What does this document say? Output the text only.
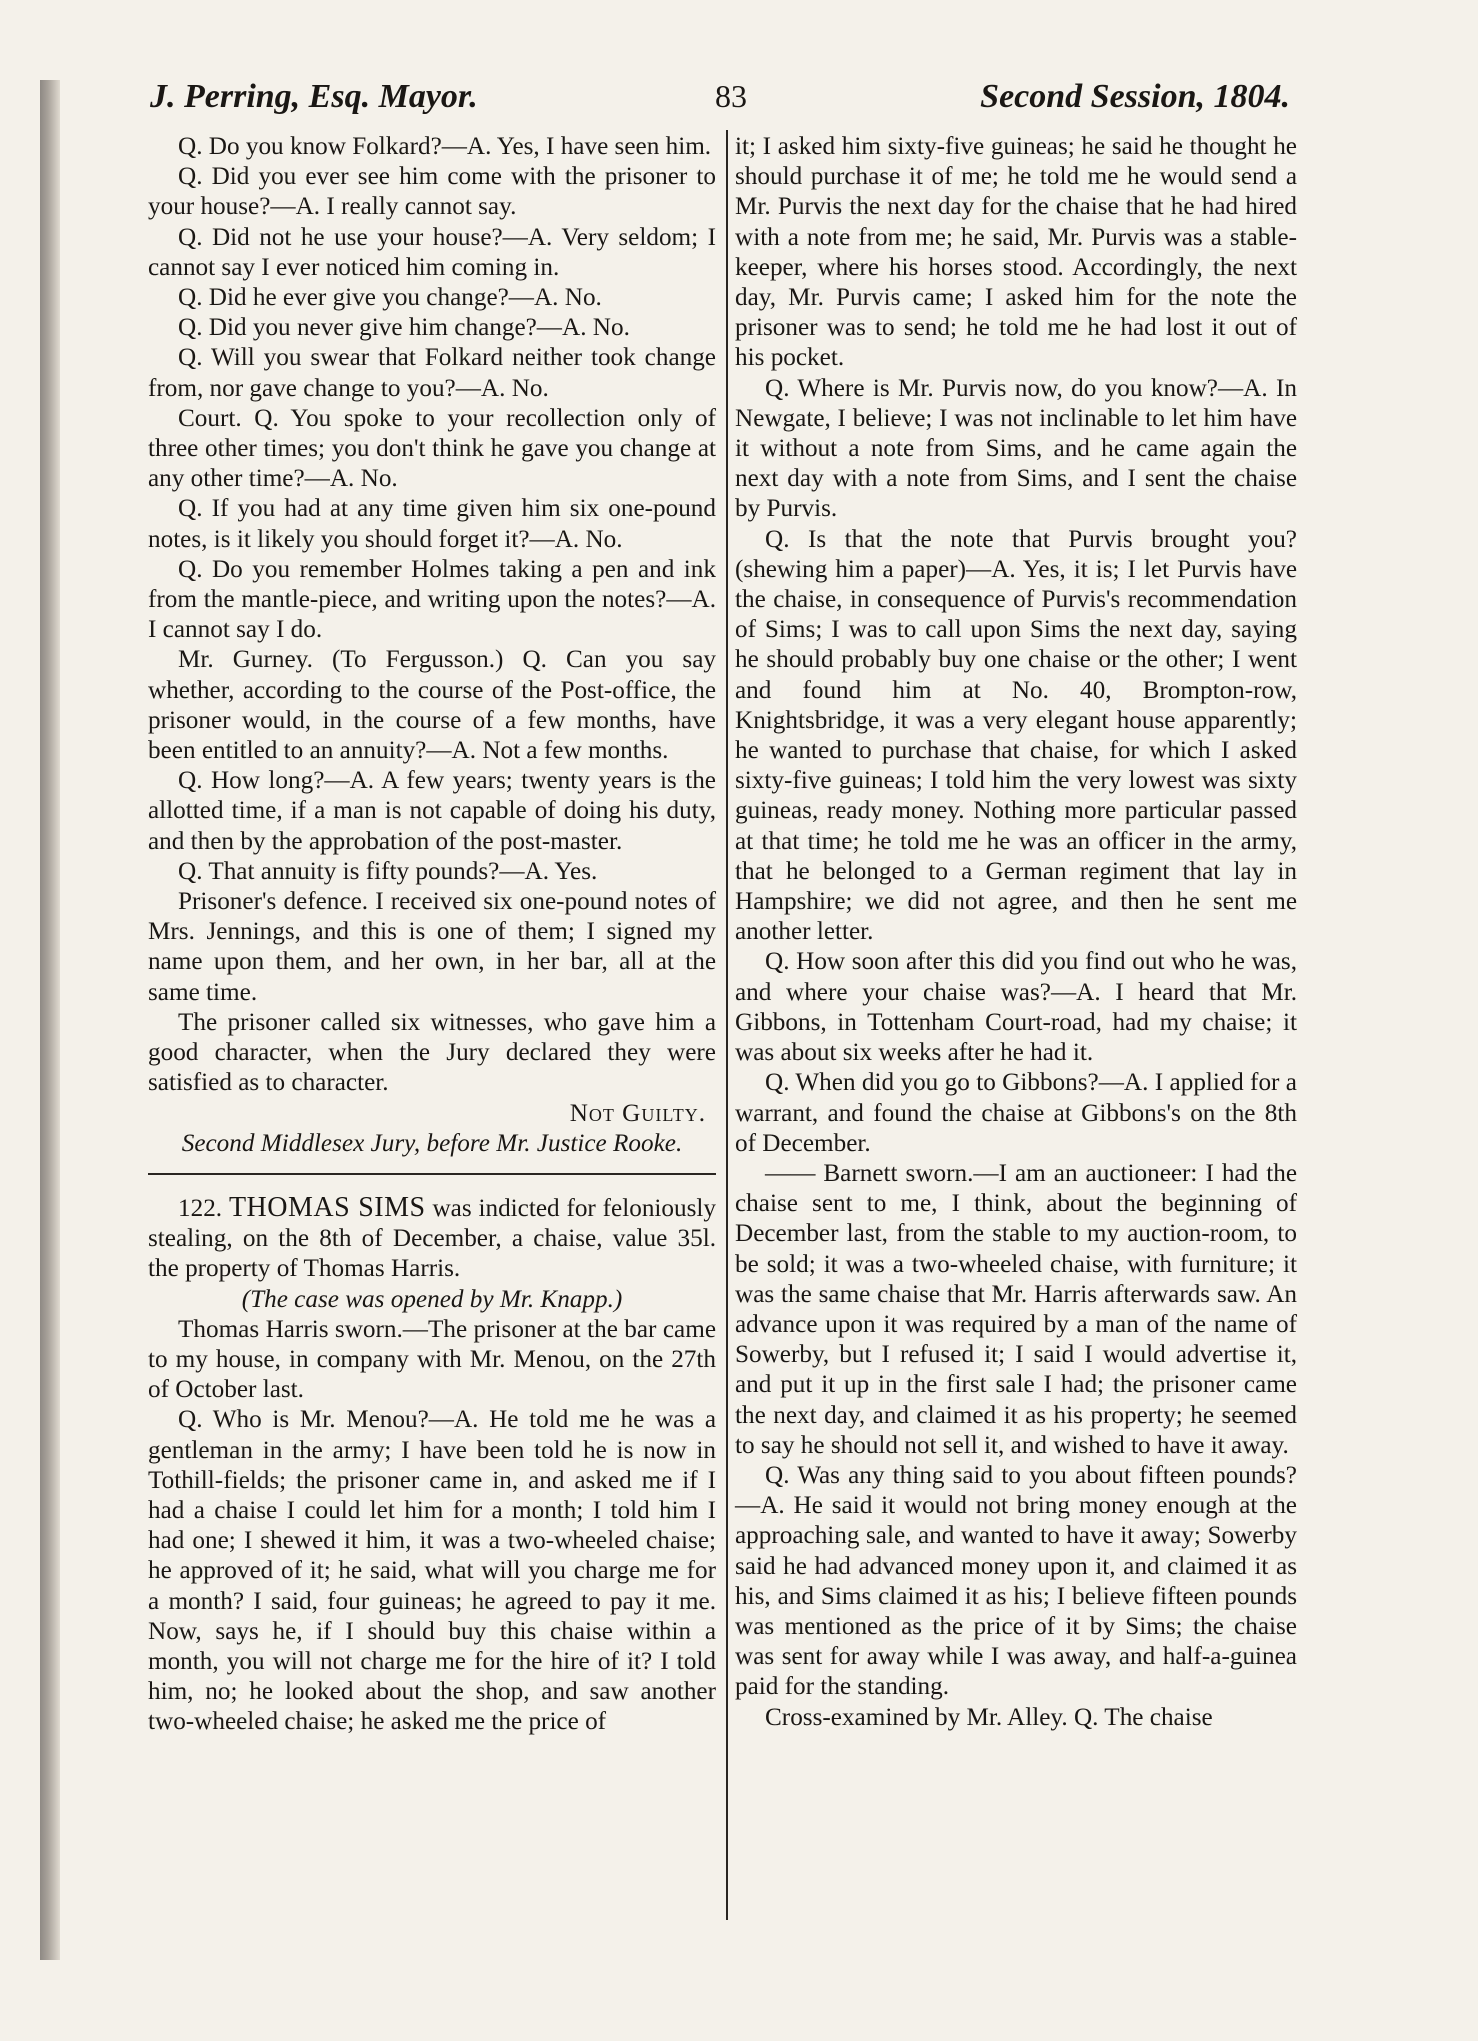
J. Perring, Esq. Mayor.	83	Second Session, 1804.

Q. Do you know Folkard?—A. Yes, I have seen him.

Q. Did you ever see him come with the prisoner to your house?—A. I really cannot say.

Q. Did not he use your house?—A. Very seldom; I cannot say I ever noticed him coming in.

Q. Did he ever give you change?—A. No.

Q. Did you never give him change?—A. No.

Q. Will you swear that Folkard neither took change from, nor gave change to you?—A. No.

Court. Q. You spoke to your recollection only of three other times; you don't think he gave you change at any other time?—A. No.

Q. If you had at any time given him six one-pound notes, is it likely you should forget it?—A. No.

Q. Do you remember Holmes taking a pen and ink from the mantle-piece, and writing upon the notes?—A. I cannot say I do.

Mr. Gurney. (To Fergusson.) Q. Can you say whether, according to the course of the Post-office, the prisoner would, in the course of a few months, have been entitled to an annuity?—A. Not a few months.

Q. How long?—A. A few years; twenty years is the allotted time, if a man is not capable of doing his duty, and then by the approbation of the post-master.

Q. That annuity is fifty pounds?—A. Yes.

Prisoner's defence. I received six one-pound notes of Mrs. Jennings, and this is one of them; I signed my name upon them, and her own, in her bar, all at the same time.

The prisoner called six witnesses, who gave him a good character, when the Jury declared they were satisfied as to character.

Not Guilty.

Second Middlesex Jury, before Mr. Justice Rooke.

122. THOMAS SIMS was indicted for feloniously stealing, on the 8th of December, a chaise, value 35l. the property of Thomas Harris.

(The case was opened by Mr. Knapp.)

Thomas Harris sworn.—The prisoner at the bar came to my house, in company with Mr. Menou, on the 27th of October last.

Q. Who is Mr. Menou?—A. He told me he was a gentleman in the army; I have been told he is now in Tothill-fields; the prisoner came in, and asked me if I had a chaise I could let him for a month; I told him I had one; I shewed it him, it was a two-wheeled chaise; he approved of it; he said, what will you charge me for a month? I said, four guineas; he agreed to pay it me. Now, says he, if I should buy this chaise within a month, you will not charge me for the hire of it? I told him, no; he looked about the shop, and saw another two-wheeled chaise; he asked me the price of

it; I asked him sixty-five guineas; he said he thought he should purchase it of me; he told me he would send a Mr. Purvis the next day for the chaise that he had hired with a note from me; he said, Mr. Purvis was a stable-keeper, where his horses stood. Accordingly, the next day, Mr. Purvis came; I asked him for the note the prisoner was to send; he told me he had lost it out of his pocket.

Q. Where is Mr. Purvis now, do you know?—A. In Newgate, I believe; I was not inclinable to let him have it without a note from Sims, and he came again the next day with a note from Sims, and I sent the chaise by Purvis.

Q. Is that the note that Purvis brought you? (shewing him a paper)—A. Yes, it is; I let Purvis have the chaise, in consequence of Purvis's recommendation of Sims; I was to call upon Sims the next day, saying he should probably buy one chaise or the other; I went and found him at No. 40, Brompton-row, Knightsbridge, it was a very elegant house apparently; he wanted to purchase that chaise, for which I asked sixty-five guineas; I told him the very lowest was sixty guineas, ready money. Nothing more particular passed at that time; he told me he was an officer in the army, that he belonged to a German regiment that lay in Hampshire; we did not agree, and then he sent me another letter.

Q. How soon after this did you find out who he was, and where your chaise was?—A. I heard that Mr. Gibbons, in Tottenham Court-road, had my chaise; it was about six weeks after he had it.

Q. When did you go to Gibbons?—A. I applied for a warrant, and found the chaise at Gibbons's on the 8th of December.

—— Barnett sworn.—I am an auctioneer: I had the chaise sent to me, I think, about the beginning of December last, from the stable to my auction-room, to be sold; it was a two-wheeled chaise, with furniture; it was the same chaise that Mr. Harris afterwards saw. An advance upon it was required by a man of the name of Sowerby, but I refused it; I said I would advertise it, and put it up in the first sale I had; the prisoner came the next day, and claimed it as his property; he seemed to say he should not sell it, and wished to have it away.

Q. Was any thing said to you about fifteen pounds?—A. He said it would not bring money enough at the approaching sale, and wanted to have it away; Sowerby said he had advanced money upon it, and claimed it as his, and Sims claimed it as his; I believe fifteen pounds was mentioned as the price of it by Sims; the chaise was sent for away while I was away, and half-a-guinea paid for the standing.

Cross-examined by Mr. Alley. Q. The chaise
